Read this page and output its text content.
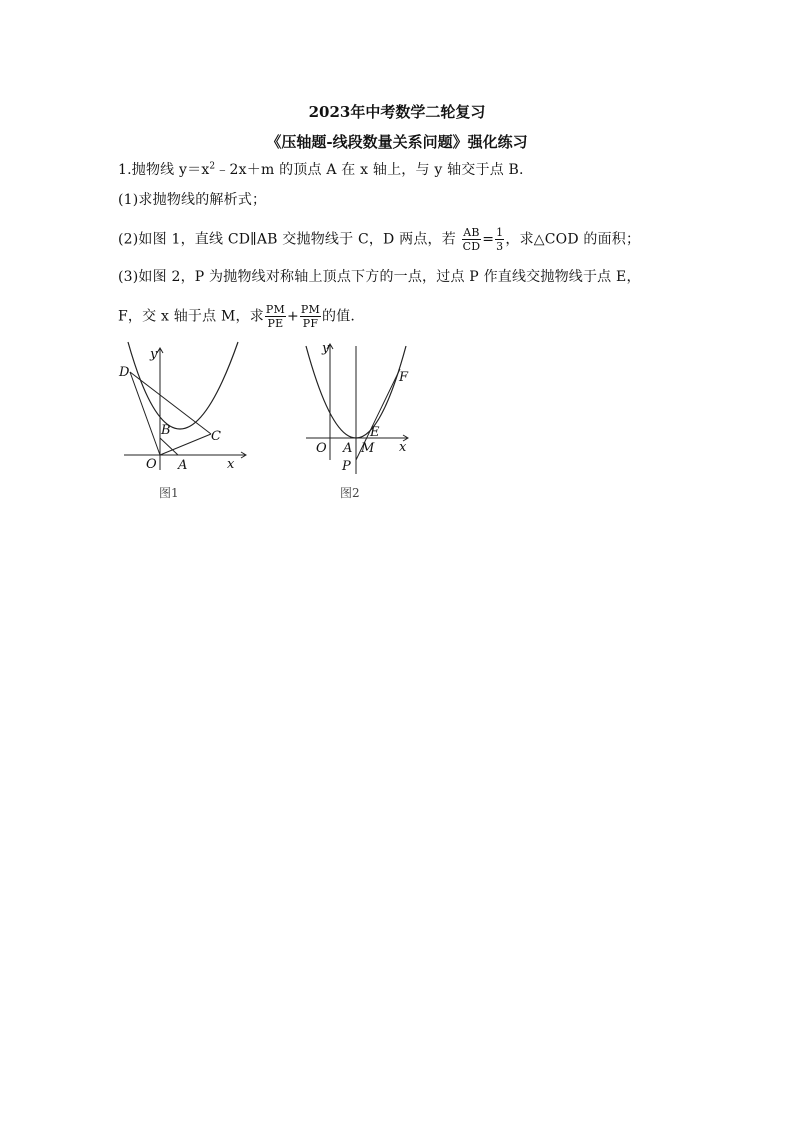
2023年中考数学二轮复习
《压轴题-线段数量关系问题》强化练习
1.抛物线 $y=x^2﹣2x+m$ 的顶点 A 在 x 轴上，与 y 轴交于点 B.
(1)求抛物线的解析式；
(2)如图 1，直线 CD∥AB 交抛物线于 C，D 两点，若 $\frac{AB}{CD} = \frac{1}{3}$ ，求△COD 的面积；
(3)如图 2，P 为抛物线对称轴上顶点下方的一点，过点 P 作直线交抛物线于点 E，
F，交 x 轴于点 M，求 $\frac{PM}{PE} + \frac{PM}{PF}$ 的值.
y
x
O A
B	C
D
图1
y
x
O A M
E
F
P
图2
